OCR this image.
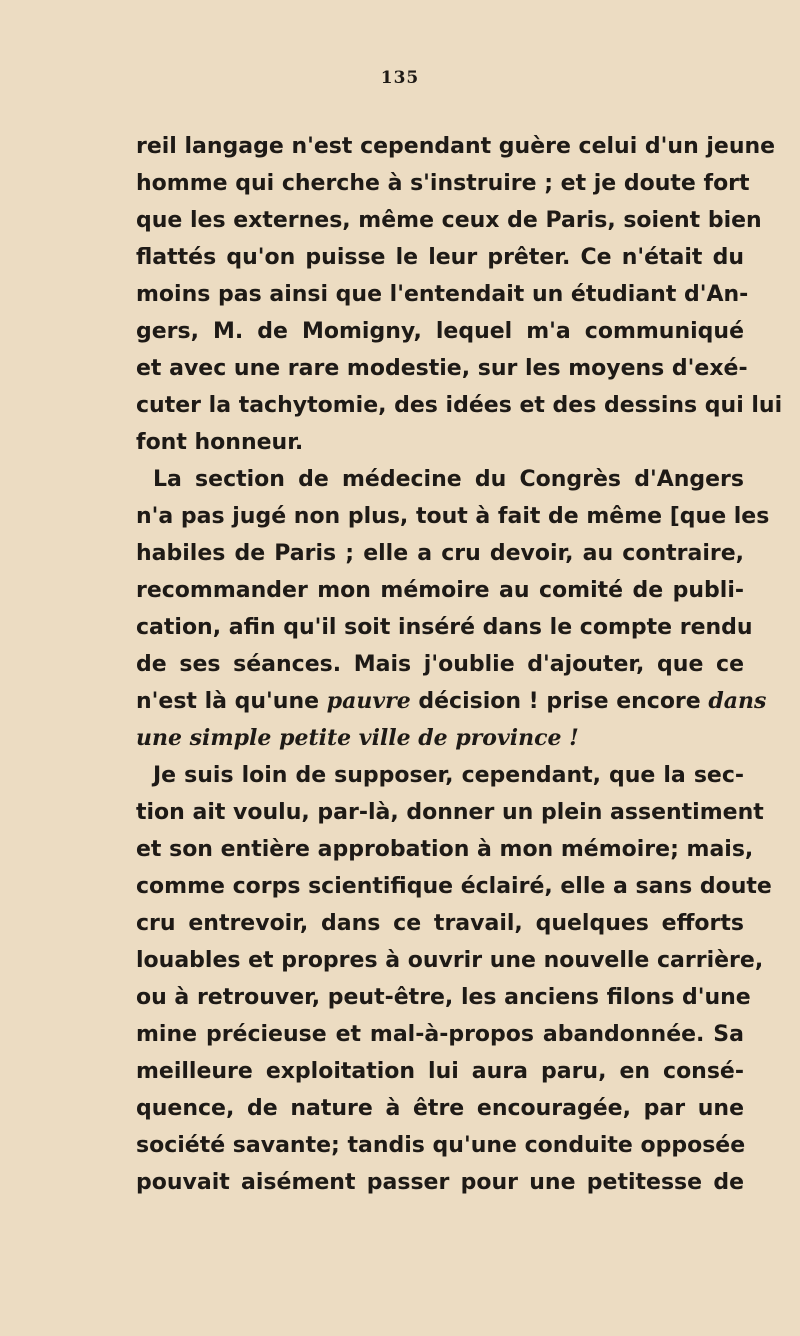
135
reil langage n'est cependant guère celui d'un jeune
homme qui cherche à s'instruire ; et je doute fort
que les externes, même ceux de Paris, soient bien
flattés qu'on puisse le leur prêter. Ce n'était du
moins pas ainsi que l'entendait un étudiant d'An-
gers, M. de Momigny, lequel m'a communiqué
et avec une rare modestie, sur les moyens d'exé-
cuter la tachytomie, des idées et des dessins qui lui
font honneur.
La section de médecine du Congrès d'Angers
n'a pas jugé non plus, tout à fait de même [que les
habiles de Paris ; elle a cru devoir, au contraire,
recommander mon mémoire au comité de publi-
cation, afin qu'il soit inséré dans le compte rendu
de ses séances. Mais j'oublie d'ajouter, que ce
n'est là qu'une pauvre décision ! prise encore dans
une simple petite ville de province !
Je suis loin de supposer, cependant, que la sec-
tion ait voulu, par-là, donner un plein assentiment
et son entière approbation à mon mémoire; mais,
comme corps scientifique éclairé, elle a sans doute
cru entrevoir, dans ce travail, quelques efforts
louables et propres à ouvrir une nouvelle carrière,
ou à retrouver, peut-être, les anciens filons d'une
mine précieuse et mal-à-propos abandonnée. Sa
meilleure exploitation lui aura paru, en consé-
quence, de nature à être encouragée, par une
société savante; tandis qu'une conduite opposée
pouvait aisément passer pour une petitesse de
